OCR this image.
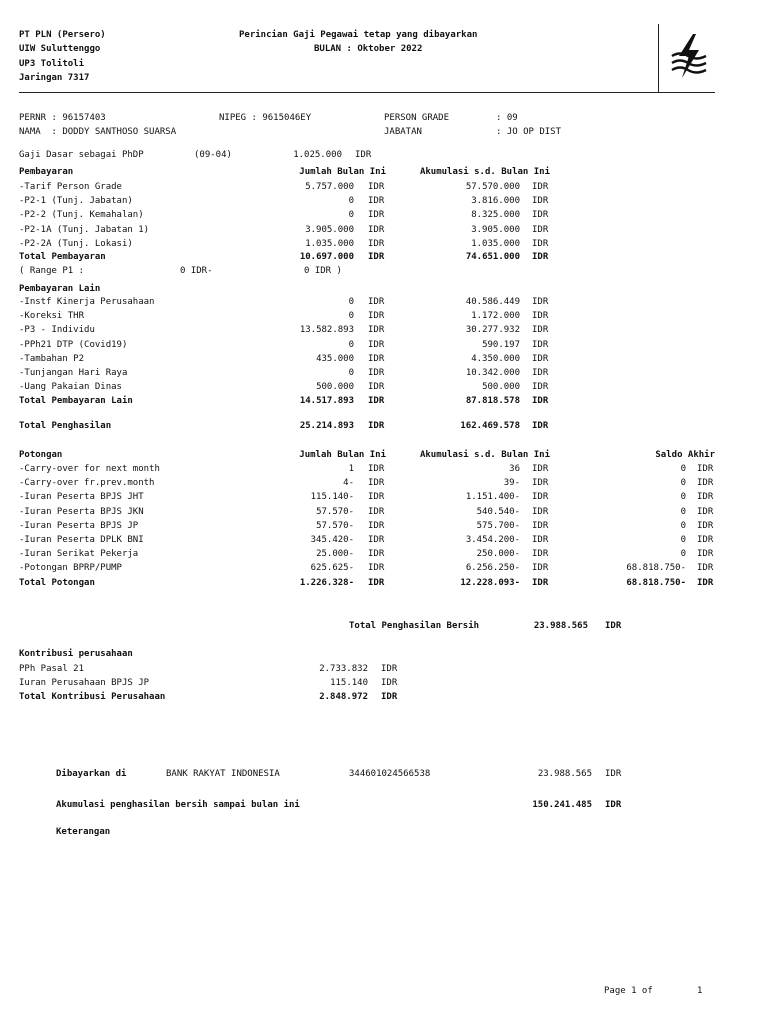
PT PLN (Persero)
UIW Suluttenggo
UP3 Tolitoli
Jaringan 7317
Perincian Gaji Pegawai tetap yang dibayarkan
BULAN : Oktober 2022
PERNR : 96157403	NIPEG : 9615046EY	PERSON GRADE	: 09
NAMA  : DODDY SANTHOSO SUARSA	JABATAN	: JO OP DIST
Gaji Dasar sebagai PhDP	(09-04)	1.025.000 IDR
Pembayaran	Jumlah Bulan Ini	Akumulasi s.d. Bulan Ini
-Tarif Person Grade	5.757.000 IDR	57.570.000 IDR
-P2-1 (Tunj. Jabatan)	0 IDR	3.816.000 IDR
-P2-2 (Tunj. Kemahalan)	0 IDR	8.325.000 IDR
-P2-1A (Tunj. Jabatan 1)	3.905.000 IDR	3.905.000 IDR
-P2-2A (Tunj. Lokasi)	1.035.000 IDR	1.035.000 IDR
Total Pembayaran	10.697.000 IDR	74.651.000 IDR
( Range P1 :	0 IDR-	0 IDR )
Pembayaran Lain
-Instf Kinerja Perusahaan	0 IDR	40.586.449 IDR
-Koreksi THR	0 IDR	1.172.000 IDR
-P3 - Individu	13.582.893 IDR	30.277.932 IDR
-PPh21 DTP (Covid19)	0 IDR	590.197 IDR
-Tambahan P2	435.000 IDR	4.350.000 IDR
-Tunjangan Hari Raya	0 IDR	10.342.000 IDR
-Uang Pakaian Dinas	500.000 IDR	500.000 IDR
Total Pembayaran Lain	14.517.893 IDR	87.818.578 IDR
Total Penghasilan	25.214.893 IDR	162.469.578 IDR
Potongan	Jumlah Bulan Ini	Akumulasi s.d. Bulan Ini	Saldo Akhir
-Carry-over for next month	1 IDR	36 IDR	0 IDR
-Carry-over fr.prev.month	4- IDR	39- IDR	0 IDR
-Iuran Peserta BPJS JHT	115.140- IDR	1.151.400- IDR	0 IDR
-Iuran Peserta BPJS JKN	57.570- IDR	540.540- IDR	0 IDR
-Iuran Peserta BPJS JP	57.570- IDR	575.700- IDR	0 IDR
-Iuran Peserta DPLK BNI	345.420- IDR	3.454.200- IDR	0 IDR
-Iuran Serikat Pekerja	25.000- IDR	250.000- IDR	0 IDR
-Potongan BPRP/PUMP	625.625- IDR	6.256.250- IDR	68.818.750- IDR
Total Potongan	1.226.328- IDR	12.228.093- IDR	68.818.750- IDR
Total Penghasilan Bersih	23.988.565 IDR
Kontribusi perusahaan
PPh Pasal 21	2.733.832 IDR
Iuran Perusahaan BPJS JP	115.140 IDR
Total Kontribusi Perusahaan	2.848.972 IDR
Dibayarkan di	BANK RAKYAT INDONESIA	344601024566538	23.988.565 IDR
Akumulasi penghasilan bersih sampai bulan ini	150.241.485 IDR
Keterangan
Page 1 of	1
